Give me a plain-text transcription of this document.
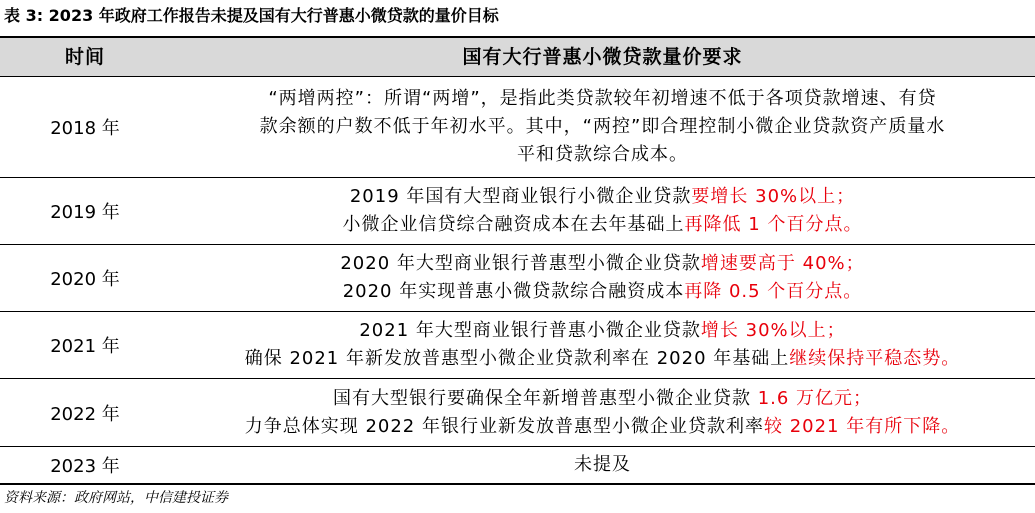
表 3: 2023 年政府工作报告未提及国有大行普惠小微贷款的量价目标
时间	国有大行普惠小微贷款量价要求
2018 年
“两增两控”：所谓“两增”，是指此类贷款较年初增速不低于各项贷款增速、有贷
款余额的户数不低于年初水平。其中，“两控”即合理控制小微企业贷款资产质量水
平和贷款综合成本。
2019 年
2019 年国有大型商业银行小微企业贷款要增长 30%以上；
小微企业信贷综合融资成本在去年基础上再降低 1 个百分点。
2020 年
2020 年大型商业银行普惠型小微企业贷款增速要高于 40%；
2020 年实现普惠小微贷款综合融资成本再降 0.5 个百分点。
2021 年
2021 年大型商业银行普惠小微企业贷款增长 30%以上；
确保 2021 年新发放普惠型小微企业贷款利率在 2020 年基础上继续保持平稳态势。
2022 年
国有大型银行要确保全年新增普惠型小微企业贷款 1.6 万亿元；
力争总体实现 2022 年银行业新发放普惠型小微企业贷款利率较 2021 年有所下降。
2023 年	未提及
资料来源：政府网站，中信建投证券
